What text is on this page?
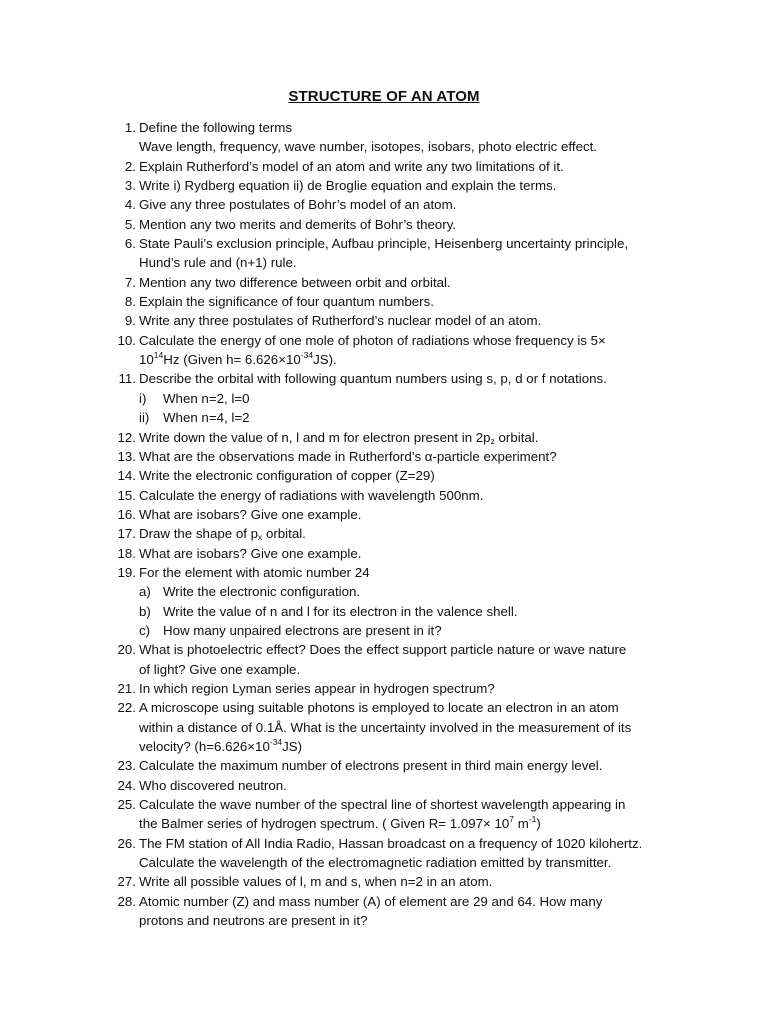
STRUCTURE OF AN ATOM
1. Define the following terms
Wave length, frequency, wave number, isotopes, isobars, photo electric effect.
2. Explain Rutherford’s model of an atom and write any two limitations of it.
3. Write i) Rydberg equation ii) de Broglie equation and explain the terms.
4. Give any three postulates of Bohr’s model of an atom.
5. Mention any two merits and demerits of Bohr’s theory.
6. State Pauli’s exclusion principle, Aufbau principle, Heisenberg uncertainty principle,
Hund’s rule and (n+1) rule.
7. Mention any two difference between orbit and orbital.
8. Explain the significance of four quantum numbers.
9. Write any three postulates of Rutherford’s nuclear model of an atom.
10. Calculate the energy of one mole of photon of radiations whose frequency is 5×
$10^{14}Hz$ (Given $h= 6.626\times 10^{-34}JS$).
11. Describe the orbital with following quantum numbers using s, p, d or f notations.
i)	When n=2, l=0
ii)	When n=4, l=2
12. Write down the value of n, l and m for electron present in $2p_z$ orbital.
13. What are the observations made in Rutherford’s α-particle experiment?
14. Write the electronic configuration of copper (Z=29)
15. Calculate the energy of radiations with wavelength 500nm.
16. What are isobars? Give one example.
17. Draw the shape of $p_x$ orbital.
18. What are isobars? Give one example.
19. For the element with atomic number 24
a) Write the electronic configuration.
b) Write the value of n and l for its electron in the valence shell.
c) How many unpaired electrons are present in it?
20. What is photoelectric effect? Does the effect support particle nature or wave nature
of light? Give one example.
21. In which region Lyman series appear in hydrogen spectrum?
22. A microscope using suitable photons is employed to locate an electron in an atom
within a distance of 0.1Å. What is the uncertainty involved in the measurement of its
velocity? $(h=6.626\times 10^{-34}JS)$
23. Calculate the maximum number of electrons present in third main energy level.
24. Who discovered neutron.
25. Calculate the wave number of the spectral line of shortest wavelength appearing in
the Balmer series of hydrogen spectrum. ( Given $R= 1.097\times 10^7$ $m^{-1}$)
26. The FM station of All India Radio, Hassan broadcast on a frequency of 1020 kilohertz.
Calculate the wavelength of the electromagnetic radiation emitted by transmitter.
27. Write all possible values of l, m and s, when n=2 in an atom.
28. Atomic number (Z) and mass number (A) of element are 29 and 64. How many
protons and neutrons are present in it?
